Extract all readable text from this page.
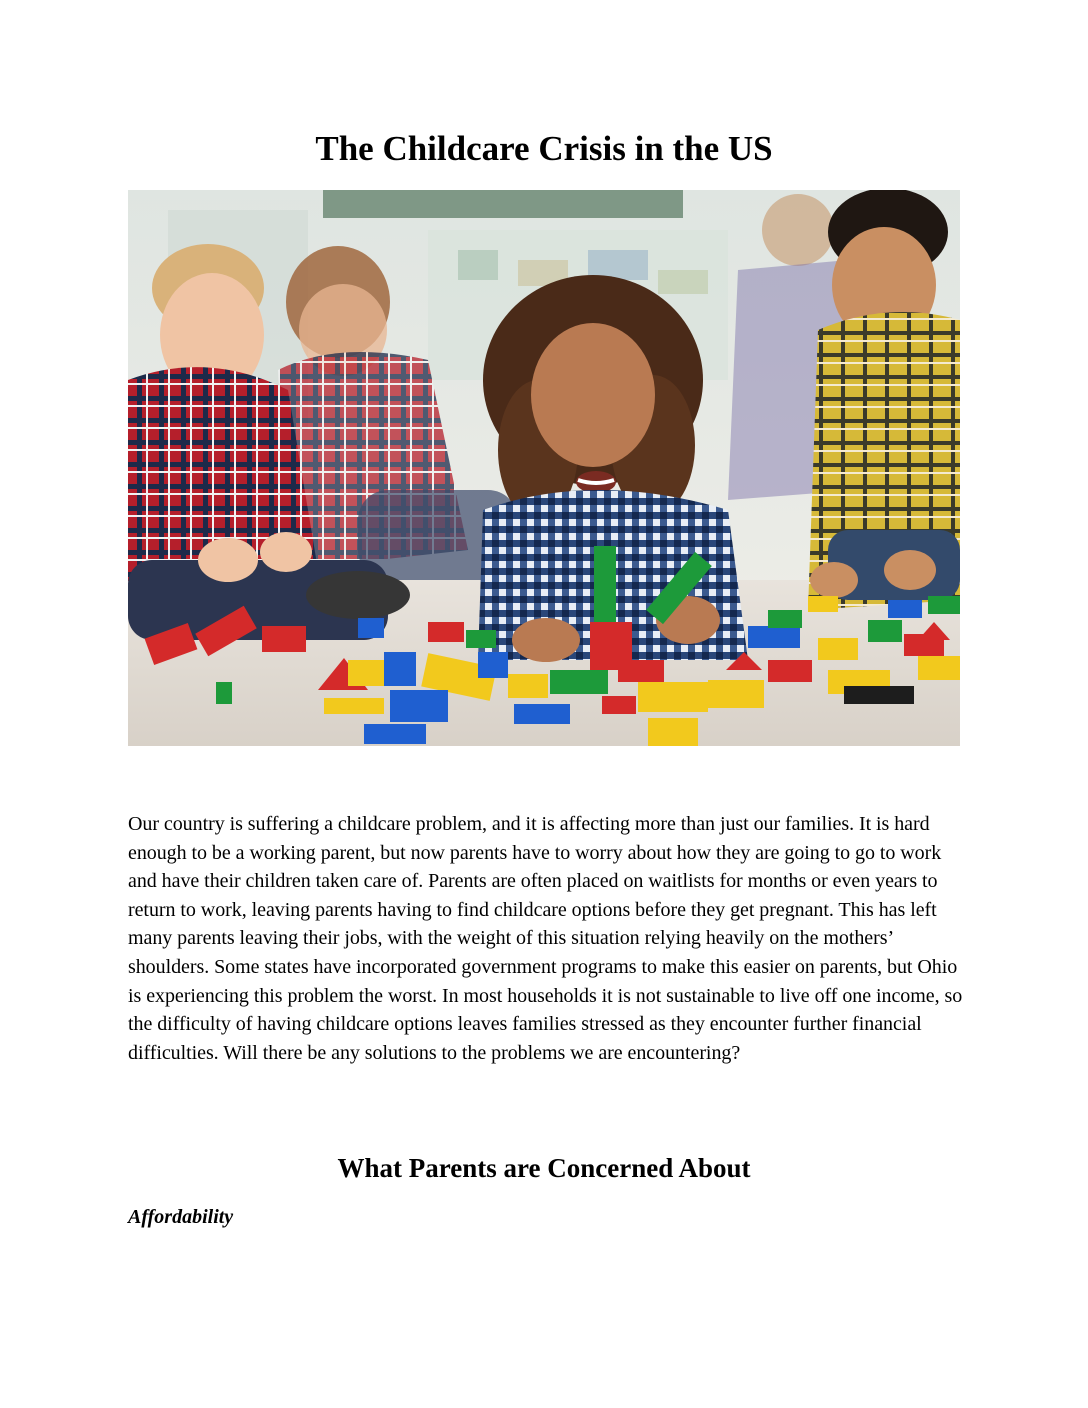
The Childcare Crisis in the US

Our country is suffering a childcare problem, and it is affecting more than just our families. It is hard enough to be a working parent, but now parents have to worry about how they are going to go to work and have their children taken care of. Parents are often placed on waitlists for months or even years to return to work, leaving parents having to find childcare options before they get pregnant. This has left many parents leaving their jobs, with the weight of this situation relying heavily on the mothers’ shoulders. Some states have incorporated government programs to make this easier on parents, but Ohio is experiencing this problem the worst. In most households it is not sustainable to live off one income, so the difficulty of having childcare options leaves families stressed as they encounter further financial difficulties. Will there be any solutions to the problems we are encountering?

What Parents are Concerned About
Affordability
